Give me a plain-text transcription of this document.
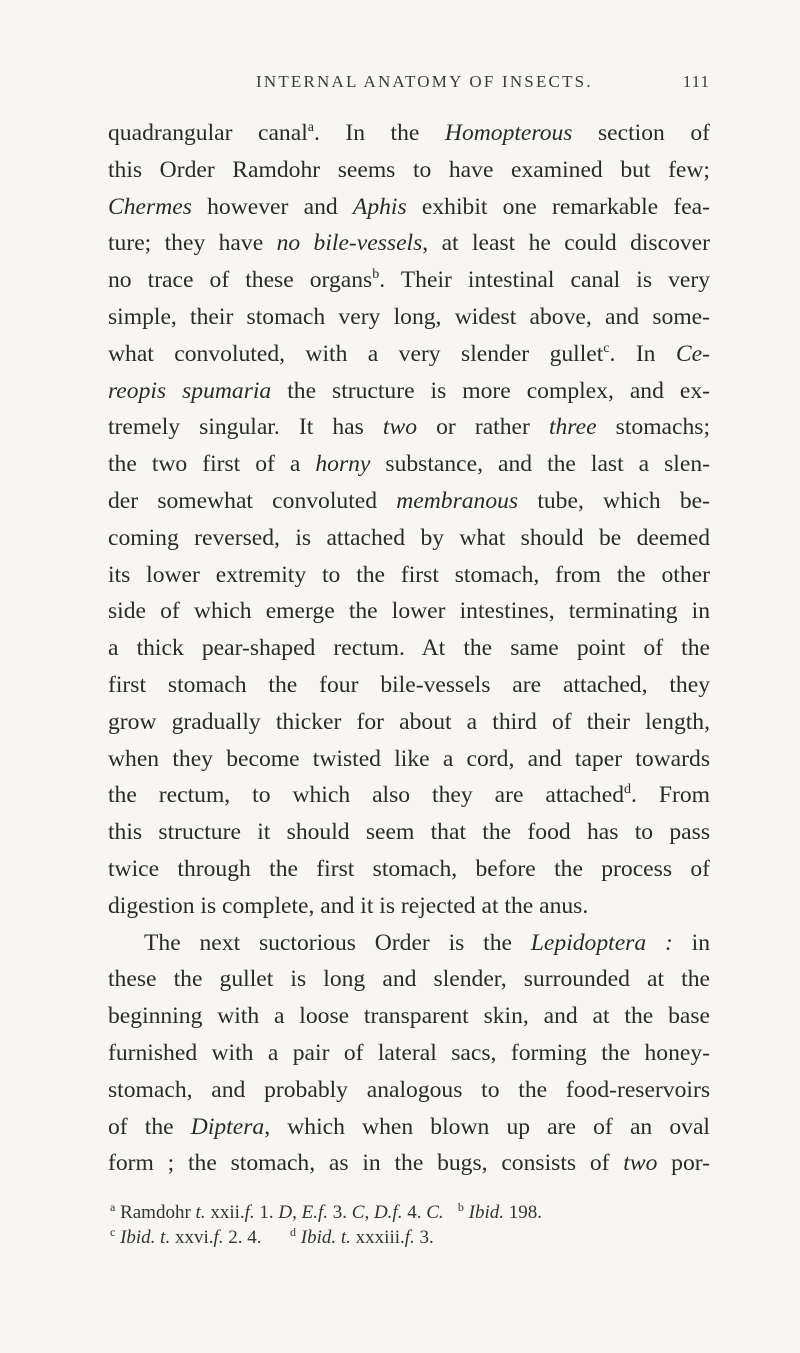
INTERNAL ANATOMY OF INSECTS.	111
quadrangular canal$^a$. In the Homopterous section of
this Order Ramdohr seems to have examined but few;
Chermes however and Aphis exhibit one remarkable fea-
ture; they have no bile-vessels, at least he could discover
no trace of these organs$^b$. Their intestinal canal is very
simple, their stomach very long, widest above, and some-
what convoluted, with a very slender gullet$^c$. In Ce-
reopis spumaria the structure is more complex, and ex-
tremely singular. It has two or rather three stomachs;
the two first of a horny substance, and the last a slen-
der somewhat convoluted membranous tube, which be-
coming reversed, is attached by what should be deemed
its lower extremity to the first stomach, from the other
side of which emerge the lower intestines, terminating in
a thick pear-shaped rectum. At the same point of the
first stomach the four bile-vessels are attached, they
grow gradually thicker for about a third of their length,
when they become twisted like a cord, and taper towards
the rectum, to which also they are attached$^d$. From
this structure it should seem that the food has to pass
twice through the first stomach, before the process of
digestion is complete, and it is rejected at the anus.
The next suctorious Order is the Lepidoptera : in
these the gullet is long and slender, surrounded at the
beginning with a loose transparent skin, and at the base
furnished with a pair of lateral sacs, forming the honey-
stomach, and probably analogous to the food-reservoirs
of the Diptera, which when blown up are of an oval
form ; the stomach, as in the bugs, consists of two por-
$^a$ Ramdohr t. xxii.f. 1. D, E.f. 3. C, D.f. 4. C. $^b$ Ibid. 198.
$^c$ Ibid. t. xxvi.f. 2. 4.      $^d$ Ibid. t. xxxiii.f. 3.
